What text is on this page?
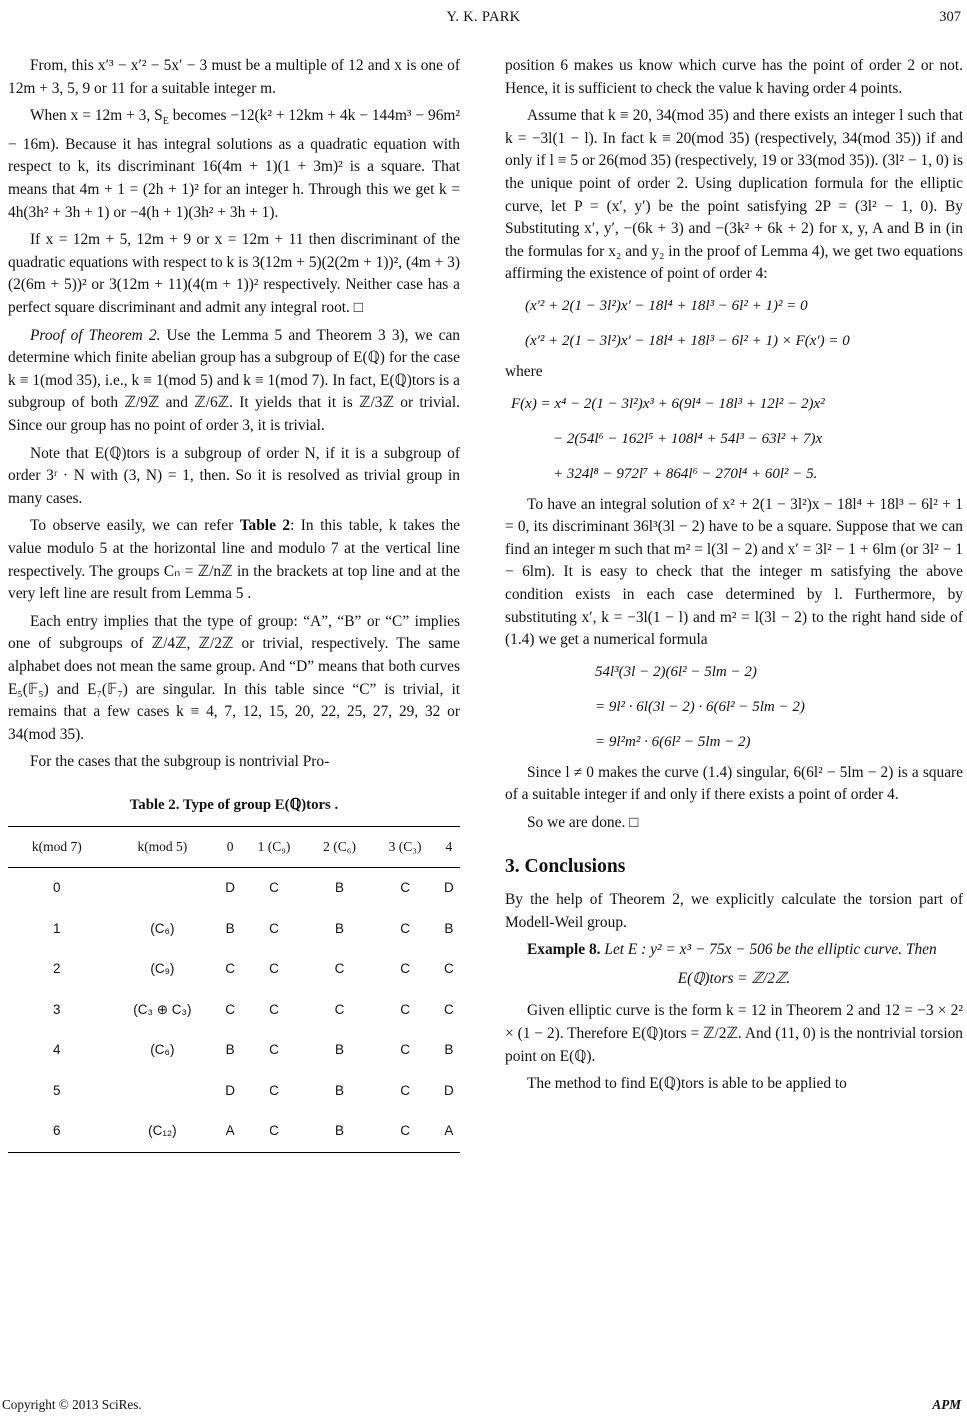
Y. K. PARK	307

From, this x′³ − x′² − 5x′ − 3 must be a multiple of 12 and x is one of 12m + 3, 5, 9 or 11 for a suitable integer m.

When x = 12m + 3, $S_E$ becomes −12(k² + 12km + 4k − 144m³ − 96m² − 16m). Because it has integral solutions as a quadratic equation with respect to k, its discriminant 16(4m + 1)(1 + 3m)² is a square. That means that 4m + 1 = (2h + 1)² for an integer h. Through this we get k = 4h(3h² + 3h + 1) or −4(h + 1)(3h² + 3h + 1).

If x = 12m + 5, 12m + 9 or x = 12m + 11 then discriminant of the quadratic equations with respect to k is 3(12m + 5)(2(2m + 1))², (4m + 3)(2(6m + 5))² or 3(12m + 11)(4(m + 1))² respectively. Neither case has a perfect square discriminant and admit any integral root. □

Proof of Theorem 2. Use the Lemma 5 and Theorem 3 3), we can determine which finite abelian group has a subgroup of E(ℚ) for the case k ≡ 1(mod 35), i.e., k ≡ 1(mod 5) and k ≡ 1(mod 7). In fact, E(ℚ)tors is a subgroup of both ℤ/9ℤ and ℤ/6ℤ. It yields that it is ℤ/3ℤ or trivial. Since our group has no point of order 3, it is trivial.

Note that E(ℚ)tors is a subgroup of order N, if it is a subgroup of order 3ʳ · N with (3, N) = 1, then. So it is resolved as trivial group in many cases.

To observe easily, we can refer Table 2: In this table, k takes the value modulo 5 at the horizontal line and modulo 7 at the vertical line respectively. The groups Cₙ = ℤ/nℤ in the brackets at top line and at the very left line are result from Lemma 5 .

Each entry implies that the type of group: “A”, “B” or “C” implies one of subgroups of ℤ/4ℤ, ℤ/2ℤ or trivial, respectively. The same alphabet does not mean the same group. And “D” means that both curves E₅(𝔽₅) and E₇(𝔽₇) are singular. In this table since “C” is trivial, it remains that a few cases k ≡ 4, 7, 12, 15, 20, 22, 25, 27, 29, 32 or 34(mod 35).

For the cases that the subgroup is nontrivial Pro-

Table 2. Type of group E(ℚ)tors .
k(mod 7)	k(mod 5)	0	1 (C₉)	2 (C₆)	3 (C₃)	4
0		D	C	B	C	D
1	(C₆)	B	C	B	C	B
2	(C₉)	C	C	C	C	C
3	(C₃ ⊕ C₃)	C	C	C	C	C
4	(C₆)	B	C	B	C	B
5		D	C	B	C	D
6	(C₁₂)	A	C	B	C	A

position 6 makes us know which curve has the point of order 2 or not. Hence, it is sufficient to check the value k having order 4 points.

Assume that k ≡ 20, 34(mod 35) and there exists an integer l such that k = −3l(1 − l). In fact k ≡ 20(mod 35) (respectively, 34(mod 35)) if and only if l ≡ 5 or 26(mod 35) (respectively, 19 or 33(mod 35)). (3l² − 1, 0) is the unique point of order 2. Using duplication formula for the elliptic curve, let P = (x′, y′) be the point satisfying 2P = (3l² − 1, 0). By Substituting x′, y′, −(6k + 3) and −(3k² + 6k + 2) for x, y, A and B in (in the formulas for x₂ and y₂ in the proof of Lemma 4), we get two equations affirming the existence of point of order 4:

(x′² + 2(1 − 3l²)x′ − 18l⁴ + 18l³ − 6l² + 1)² = 0
(x′² + 2(1 − 3l²)x′ − 18l⁴ + 18l³ − 6l² + 1) × F(x′) = 0

where

F(x) = x⁴ − 2(1 − 3l²)x³ + 6(9l⁴ − 18l³ + 12l² − 2)x²
− 2(54l⁶ − 162l⁵ + 108l⁴ + 54l³ − 63l² + 7)x
+ 324l⁸ − 972l⁷ + 864l⁶ − 270l⁴ + 60l² − 5.

To have an integral solution of x² + 2(1 − 3l²)x − 18l⁴ + 18l³ − 6l² + 1 = 0, its discriminant 36l³(3l − 2) have to be a square. Suppose that we can find an integer m such that m² = l(3l − 2) and x′ = 3l² − 1 + 6lm (or 3l² − 1 − 6lm). It is easy to check that the integer m satisfying the above condition exists in each case determined by l. Furthermore, by substituting x′, k = −3l(1 − l) and m² = l(3l − 2) to the right hand side of (1.4) we get a numerical formula

54l³(3l − 2)(6l² − 5lm − 2)
= 9l² · 6l(3l − 2) · 6(6l² − 5lm − 2)
= 9l²m² · 6(6l² − 5lm − 2)

Since l ≠ 0 makes the curve (1.4) singular, 6(6l² − 5lm − 2) is a square of a suitable integer if and only if there exists a point of order 4.

So we are done. □

3. Conclusions

By the help of Theorem 2, we explicitly calculate the torsion part of Modell-Weil group.

Example 8. Let E : y² = x³ − 75x − 506 be the elliptic curve. Then

E(ℚ)tors = ℤ/2ℤ.

Given elliptic curve is the form k = 12 in Theorem 2 and 12 = −3 × 2² × (1 − 2). Therefore E(ℚ)tors = ℤ/2ℤ. And (11, 0) is the nontrivial torsion point on E(ℚ).

The method to find E(ℚ)tors is able to be applied to

Copyright © 2013 SciRes.	APM
